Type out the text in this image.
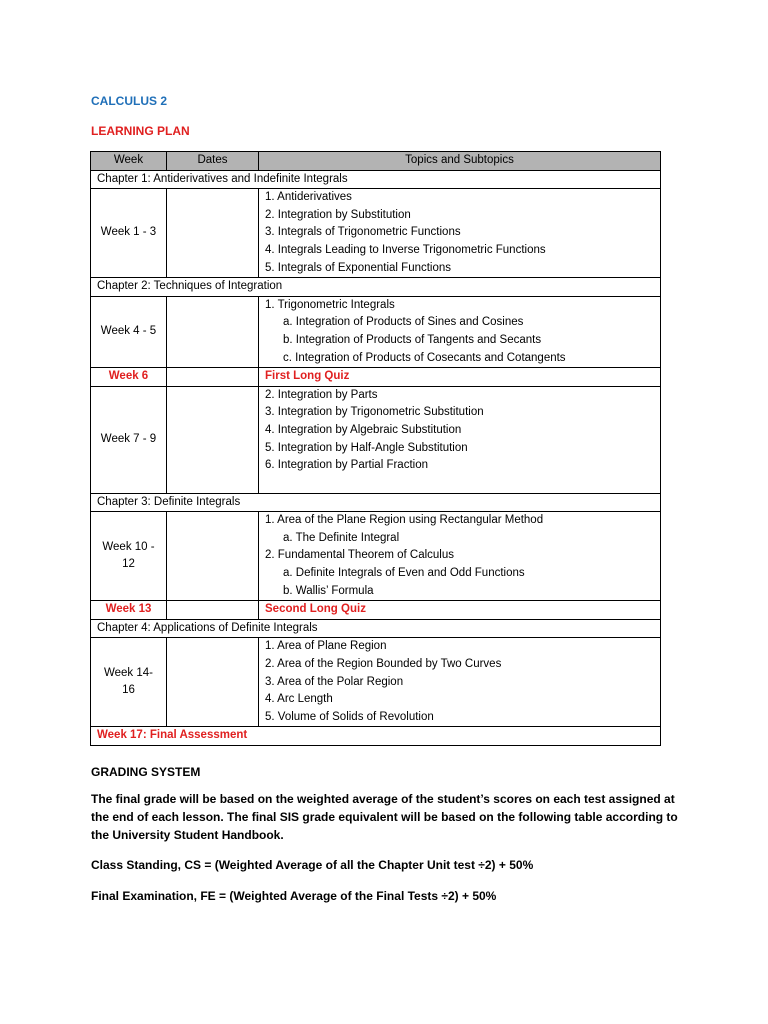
CALCULUS 2
LEARNING PLAN
Week	Dates	Topics and Subtopics
Chapter 1: Antiderivatives and Indefinite Integrals		
Week 1 - 3		1. Antiderivatives
2. Integration by Substitution
3. Integrals of Trigonometric Functions
4. Integrals Leading to Inverse Trigonometric Functions
5. Integrals of Exponential Functions

Chapter 2: Techniques of Integration		
Week 4 - 5		1. Trigonometric Integrals
a. Integration of Products of Sines and Cosines
b. Integration of Products of Tangents and Secants
c. Integration of Products of Cosecants and Cotangents

Week 6		First Long Quiz
Week 7 - 9		2. Integration by Parts
3. Integration by Trigonometric Substitution
4. Integration by Algebraic Substitution
5. Integration by Half-Angle Substitution
6. Integration by Partial Fraction

Chapter 3: Definite Integrals		
Week 10 - 12		1. Area of the Plane Region using Rectangular Method
a. The Definite Integral
2. Fundamental Theorem of Calculus
a. Definite Integrals of Even and Odd Functions
b. Wallis’ Formula

Week 13		Second Long Quiz
Chapter 4: Applications of Definite Integrals		
Week 14- 16		1. Area of Plane Region
2. Area of the Region Bounded by Two Curves
3. Area of the Polar Region
4. Arc Length
5. Volume of Solids of Revolution

Week 17: Final Assessment		
GRADING SYSTEM
The final grade will be based on the weighted average of the student’s scores on each test assigned at the end of each lesson. The final SIS grade equivalent will be based on the following table according to the University Student Handbook.
Class Standing, CS = (Weighted Average of all the Chapter Unit test ÷2) + 50%
Final Examination, FE = (Weighted Average of the Final Tests ÷2) + 50%
